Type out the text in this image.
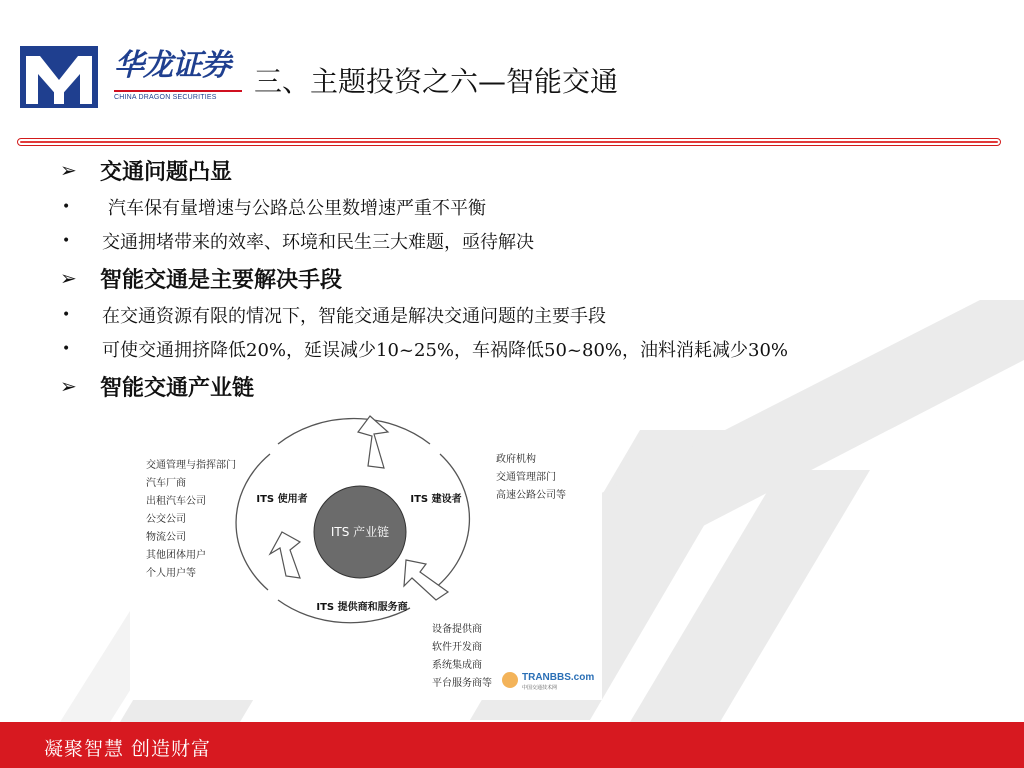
华龙证券
CHINA DRAGON SECURITIES	三、主题投资之六—智能交通
➢	交通问题凸显
•	汽车保有量增速与公路总公里数增速严重不平衡
•	交通拥堵带来的效率、环境和民生三大难题，亟待解决
➢	智能交通是主要解决手段
•	在交通资源有限的情况下，智能交通是解决交通问题的主要手段
•	可使交通拥挤降低20%，延误减少10~25%，车祸降低50~80%，油料消耗减少30%
➢	智能交通产业链
ITS 产业链
ITS 使用者	ITS 建设者
ITS 提供商和服务商
交通管理与指挥部门
汽车厂商
出租汽车公司
公交公司
物流公司
其他团体用户
个人用户等
政府机构
交通管理部门
高速公路公司等
设备提供商
软件开发商
系统集成商
平台服务商等
TRANBBS.com
中国交通技术网
凝聚智慧 创造财富
